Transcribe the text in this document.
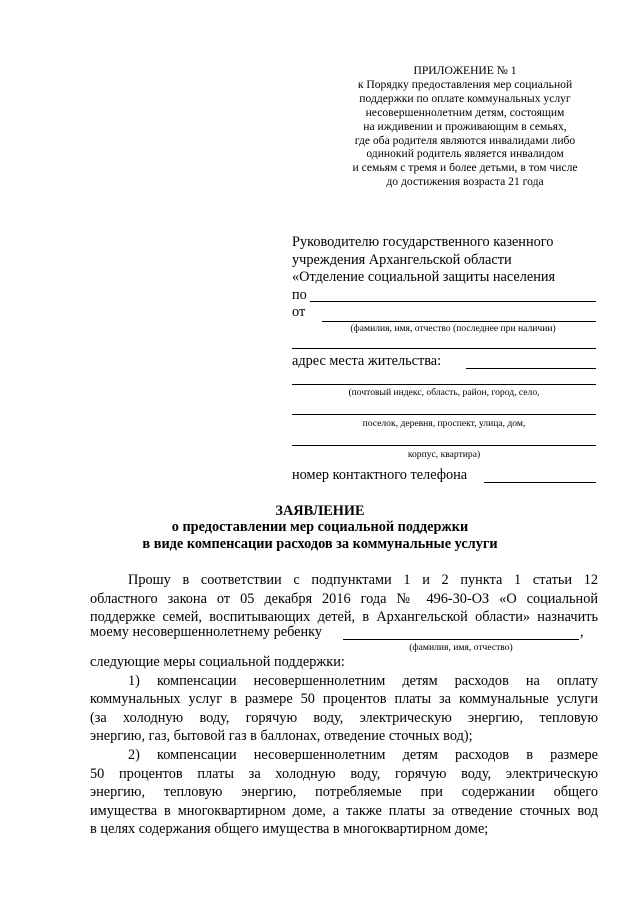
ПРИЛОЖЕНИЕ № 1
к Порядку предоставления мер социальной
поддержки по оплате коммунальных услуг
несовершеннолетним детям, состоящим
на иждивении и проживающим в семьях,
где оба родителя являются инвалидами либо
одинокий родитель является инвалидом
и семьям с тремя и более детьми, в том числе
до достижения возраста 21 года
Руководителю государственного казенного
учреждения Архангельской области
«Отделение социальной защиты населения
по
от
(фамилия, имя, отчество (последнее при наличии)
адрес места жительства:
(почтовый индекс, область, район, город, село,
поселок, деревня, проспект, улица, дом,
корпус, квартира)
номер контактного телефона
ЗАЯВЛЕНИЕ
о предоставлении мер социальной поддержки
в виде компенсации расходов за коммунальные услуги
Прошу в соответствии с подпунктами 1 и 2 пункта 1 статьи 12
областного закона от 05 декабря 2016 года № 496-30-ОЗ «О социальной
поддержке семей, воспитывающих детей, в Архангельской области» назначить
моему несовершеннолетнему ребенку	,
(фамилия, имя, отчество)
следующие меры социальной поддержки:
1) компенсации несовершеннолетним детям расходов на оплату
коммунальных услуг в размере 50 процентов платы за коммунальные услуги
(за холодную воду, горячую воду, электрическую энергию, тепловую
энергию, газ, бытовой газ в баллонах, отведение сточных вод);
2) компенсации несовершеннолетним детям расходов в размере
50 процентов платы за холодную воду, горячую воду, электрическую
энергию, тепловую энергию, потребляемые при содержании общего
имущества в многоквартирном доме, а также платы за отведение сточных вод
в целях содержания общего имущества в многоквартирном доме;
